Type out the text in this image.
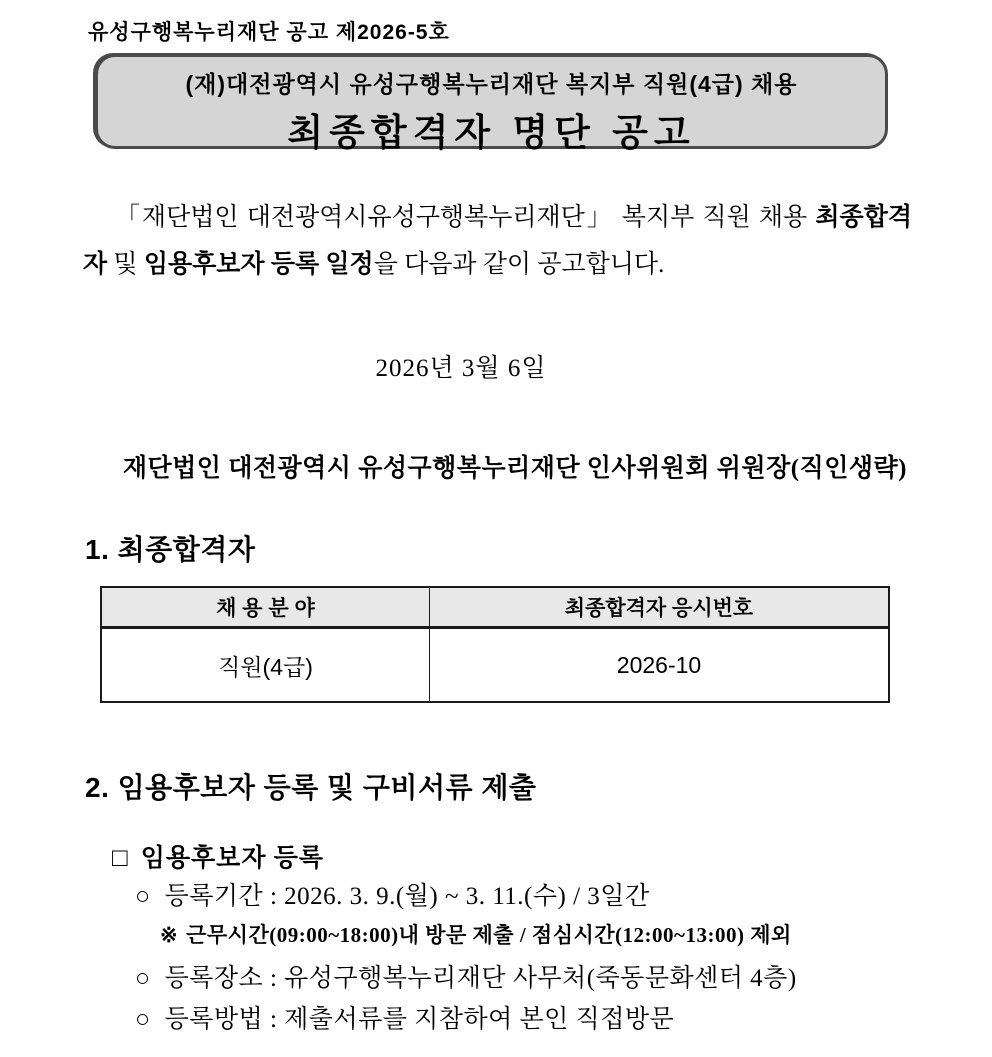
유성구행복누리재단 공고 제2026-5호
(재)대전광역시 유성구행복누리재단 복지부 직원(4급) 채용
최종합격자 명단 공고

「재단법인 대전광역시유성구행복누리재단」 복지부 직원 채용 최종합격자 및 임용후보자 등록 일정을 다음과 같이 공고합니다.

2026년 3월 6일
재단법인 대전광역시 유성구행복누리재단 인사위원회 위원장(직인생략)
1. 최종합격자
채 용 분 야	최종합격자 응시번호
직원(4급)	2026-10
2. 임용후보자 등록 및 구비서류 제출
□ 임용후보자 등록
○ 등록기간 : 2026. 3. 9.(월) ~ 3. 11.(수) / 3일간
※ 근무시간(09:00~18:00)내 방문 제출 / 점심시간(12:00~13:00) 제외
○ 등록장소 : 유성구행복누리재단 사무처(죽동문화센터 4층)
○ 등록방법 : 제출서류를 지참하여 본인 직접방문
